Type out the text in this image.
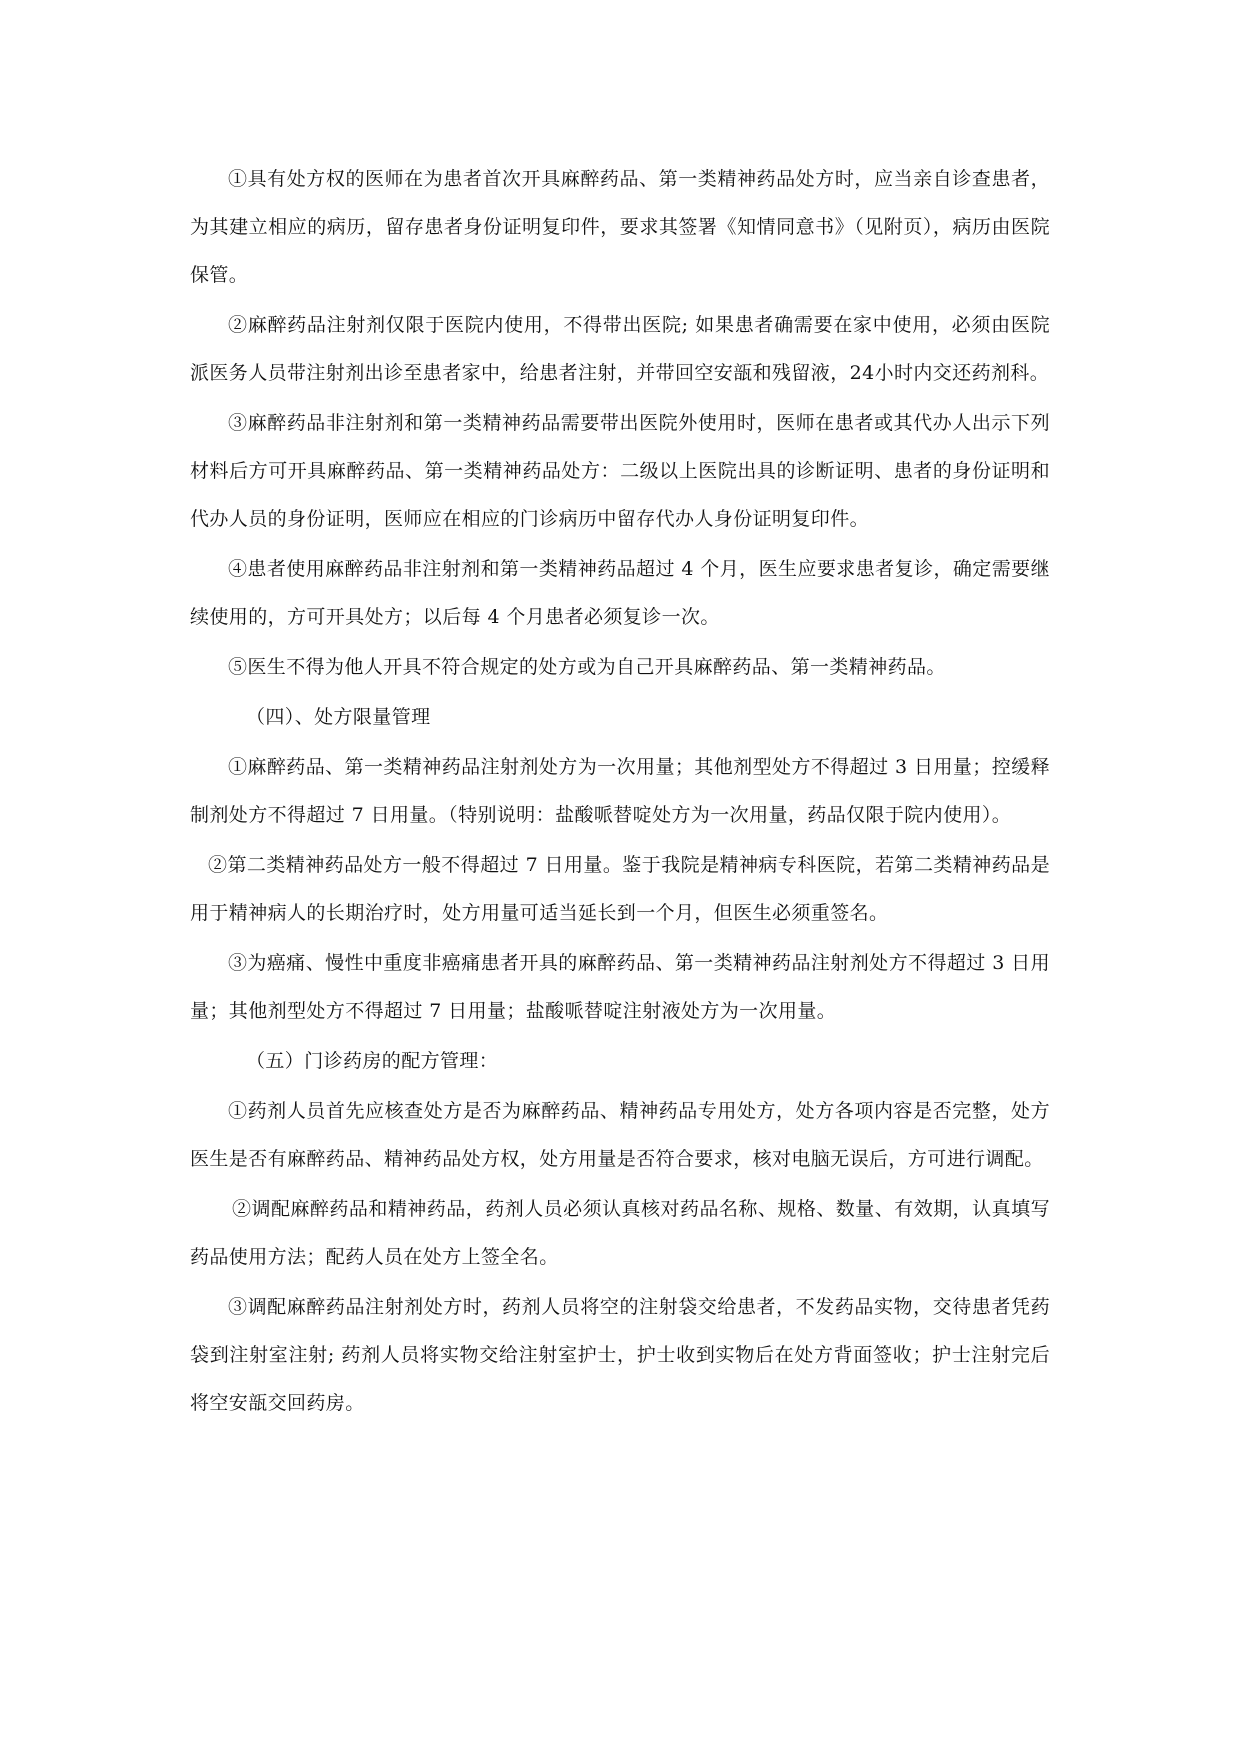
①具有处方权的医师在为患者首次开具麻醉药品、第一类精神药品处方时，应当亲自诊查患者，为其建立相应的病历，留存患者身份证明复印件，要求其签署《知情同意书》（见附页），病历由医院保管。

②麻醉药品注射剂仅限于医院内使用，不得带出医院; 如果患者确需要在家中使用，必须由医院派医务人员带注射剂出诊至患者家中，给患者注射，并带回空安瓿和残留液，24小时内交还药剂科。

③麻醉药品非注射剂和第一类精神药品需要带出医院外使用时，医师在患者或其代办人出示下列材料后方可开具麻醉药品、第一类精神药品处方：二级以上医院出具的诊断证明、患者的身份证明和代办人员的身份证明，医师应在相应的门诊病历中留存代办人身份证明复印件。

④患者使用麻醉药品非注射剂和第一类精神药品超过 4 个月，医生应要求患者复诊，确定需要继续使用的，方可开具处方；以后每 4 个月患者必须复诊一次。

⑤医生不得为他人开具不符合规定的处方或为自己开具麻醉药品、第一类精神药品。

（四）、处方限量管理

①麻醉药品、第一类精神药品注射剂处方为一次用量；其他剂型处方不得超过 3 日用量；控缓释制剂处方不得超过 7 日用量。（特别说明：盐酸哌替啶处方为一次用量，药品仅限于院内使用）。

②第二类精神药品处方一般不得超过 7 日用量。鉴于我院是精神病专科医院，若第二类精神药品是用于精神病人的长期治疗时，处方用量可适当延长到一个月，但医生必须重签名。

③为癌痛、慢性中重度非癌痛患者开具的麻醉药品、第一类精神药品注射剂处方不得超过 3 日用量；其他剂型处方不得超过 7 日用量；盐酸哌替啶注射液处方为一次用量。

（五）门诊药房的配方管理：

①药剂人员首先应核查处方是否为麻醉药品、精神药品专用处方，处方各项内容是否完整，处方医生是否有麻醉药品、精神药品处方权，处方用量是否符合要求，核对电脑无误后，方可进行调配。

②调配麻醉药品和精神药品，药剂人员必须认真核对药品名称、规格、数量、有效期，认真填写药品使用方法；配药人员在处方上签全名。

③调配麻醉药品注射剂处方时，药剂人员将空的注射袋交给患者，不发药品实物，交待患者凭药袋到注射室注射; 药剂人员将实物交给注射室护士，护士收到实物后在处方背面签收；护士注射完后将空安瓿交回药房。
